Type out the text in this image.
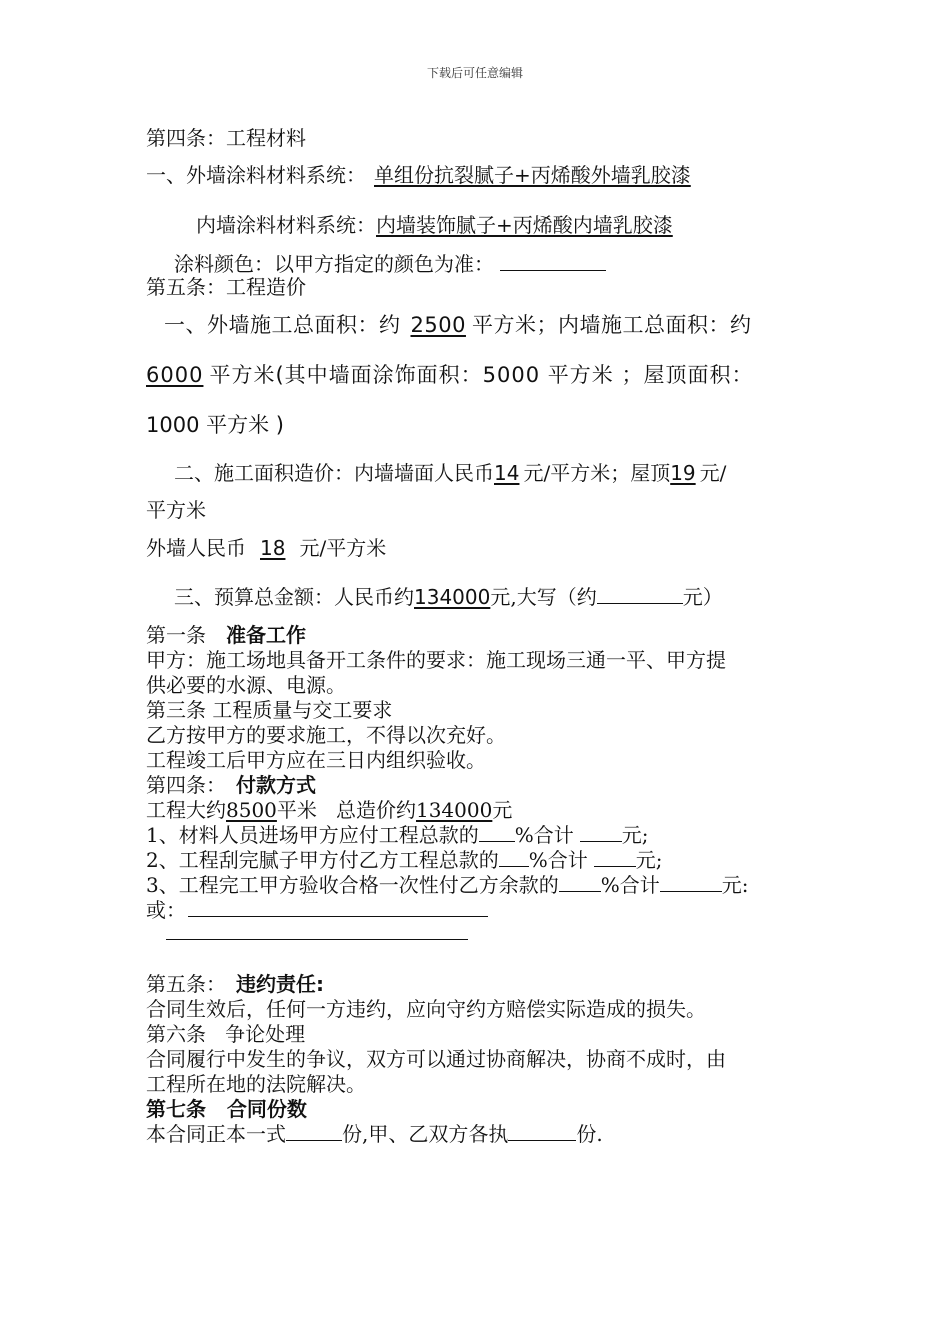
下载后可任意编辑
第四条：工程材料
一、外墙涂料材料系统： 单组份抗裂腻子+丙烯酸外墙乳胶漆
内墙涂料材料系统：内墙装饰腻子+丙烯酸内墙乳胶漆
涂料颜色：以甲方指定的颜色为准：
第五条：工程造价
一、外墙施工总面积：约 2500 平方米；内墙施工总面积：约
6000 平方米(其中墙面涂饰面积：5000 平方米 ；屋顶面积：
1000 平方米 )
二、施工面积造价：内墙墙面人民币14 元/平方米；屋顶19 元/
平方米
外墙人民币 18 元/平方米
三、预算总金额：人民币约134000元,大写（约	元）
第一条 准备工作
甲方：施工场地具备开工条件的要求：施工现场三通一平、甲方提
供必要的水源、电源。
第三条 工程质量与交工要求
乙方按甲方的要求施工，不得以次充好。
工程竣工后甲方应在三日内组织验收。
第四条： 付款方式
工程大约8500平米   总造价约134000元
1、材料人员进场甲方应付工程总款的 %合计 元;
2、工程刮完腻子甲方付乙方工程总款的 %合计 元;
3、工程完工甲方验收合格一次性付乙方余款的 %合计	元:
或：
第五条： 违约责任:
合同生效后，任何一方违约，应向守约方赔偿实际造成的损失。
第六条   争论处理
合同履行中发生的争议，双方可以通过协商解决，协商不成时，由
工程所在地的法院解决。
第七条   合同份数
本合同正本一式	份,甲、乙双方各执	份.
